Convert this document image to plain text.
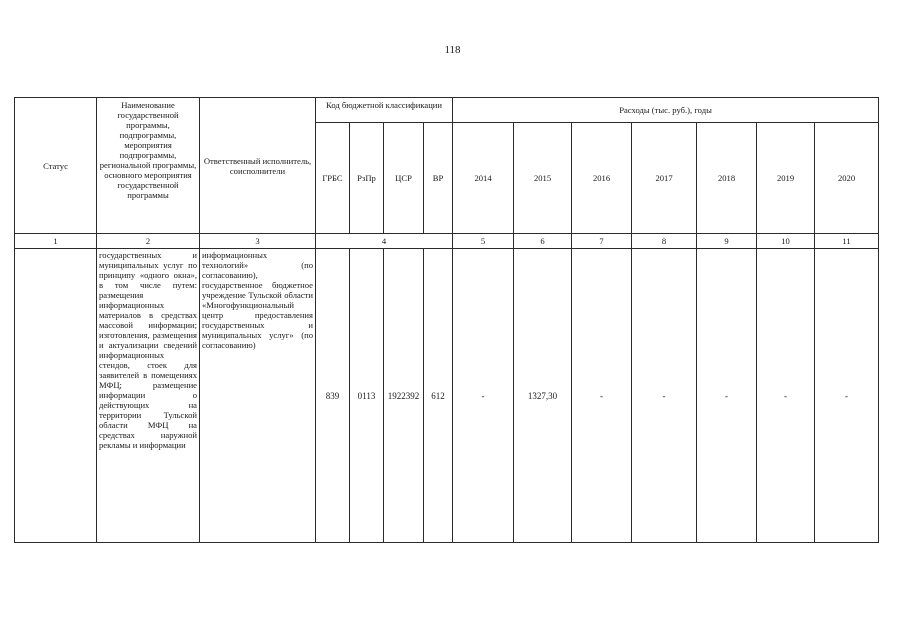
118
Статус	Наименование государственной программы, подпрограммы, мероприятия подпрограммы, региональной программы, основного мероприятия государственной программы	Ответственный исполнитель, соисполнители	Код бюджетной классификации				Расходы (тыс. руб.), годы						
			ГРБС	РзПр	ЦСР	ВР	2014	2015	2016	2017	2018	2019	2020
1	2	3	4				5	6	7	8	9	10	11
	государственных и муниципальных услуг по принципу «одного окна», в том числе путем: размещения информационных материалов в средствах массовой информации; изготовления, размещения и актуализации сведений информационных стендов, стоек для заявителей в помещениях МФЦ; размещение информации о действующих на территории Тульской области МФЦ на средствах наружной рекламы и информации	информационных технологий» (по согласованию), государственное бюджетное учреждение Тульской области «Многофункциональный центр предоставления государственных и муниципальных услуг» (по согласованию)	839	0113	1922392	612	-	1327,30	-	-	-	-	-
